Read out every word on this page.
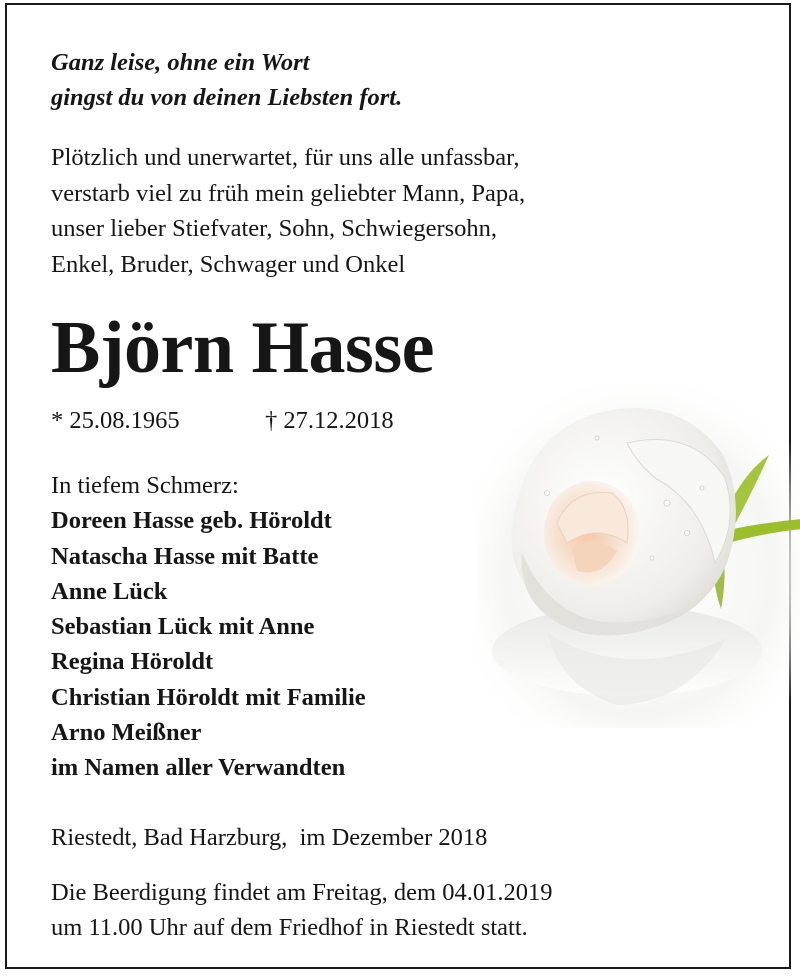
Ganz leise, ohne ein Wort
gingst du von deinen Liebsten fort.
Plötzlich und unerwartet, für uns alle unfassbar,
verstarb viel zu früh mein geliebter Mann, Papa,
unser lieber Stiefvater, Sohn, Schwiegersohn,
Enkel, Bruder, Schwager und Onkel
Björn Hasse
* 25.08.1965	† 27.12.2018
In tiefem Schmerz:
Doreen Hasse geb. Höroldt
Natascha Hasse mit Batte
Anne Lück
Sebastian Lück mit Anne
Regina Höroldt
Christian Höroldt mit Familie
Arno Meißner
im Namen aller Verwandten
Riestedt, Bad Harzburg,  im Dezember 2018
Die Beerdigung findet am Freitag, dem 04.01.2019
um 11.00 Uhr auf dem Friedhof in Riestedt statt.
